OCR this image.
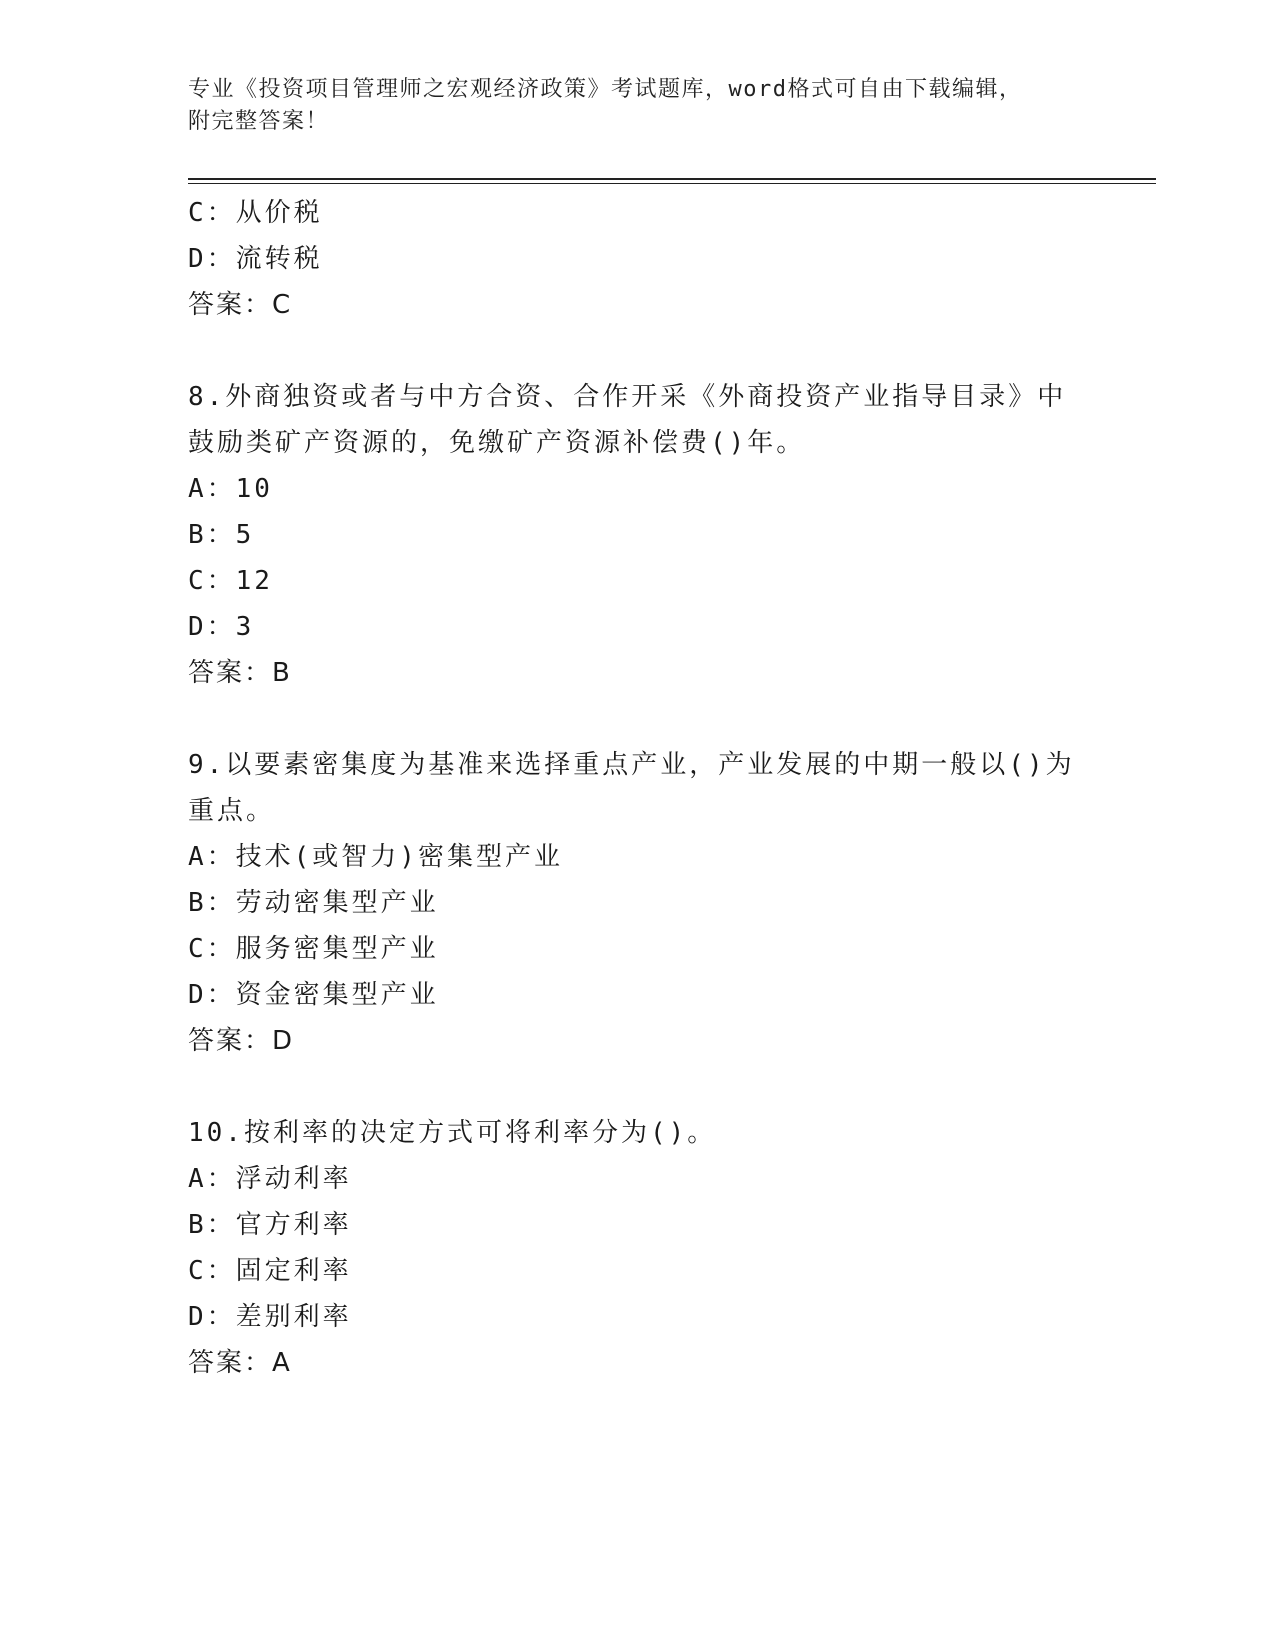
专业《投资项目管理师之宏观经济政策》考试题库，word格式可自由下载编辑，
附完整答案！
C：从价税
D：流转税
答案：C
8.外商独资或者与中方合资、合作开采《外商投资产业指导目录》中
鼓励类矿产资源的，免缴矿产资源补偿费()年。
A：10
B：5
C：12
D：3
答案：B
9.以要素密集度为基准来选择重点产业，产业发展的中期一般以()为
重点。
A：技术(或智力)密集型产业
B：劳动密集型产业
C：服务密集型产业
D：资金密集型产业
答案：D
10.按利率的决定方式可将利率分为()。
A：浮动利率
B：官方利率
C：固定利率
D：差别利率
答案：A
